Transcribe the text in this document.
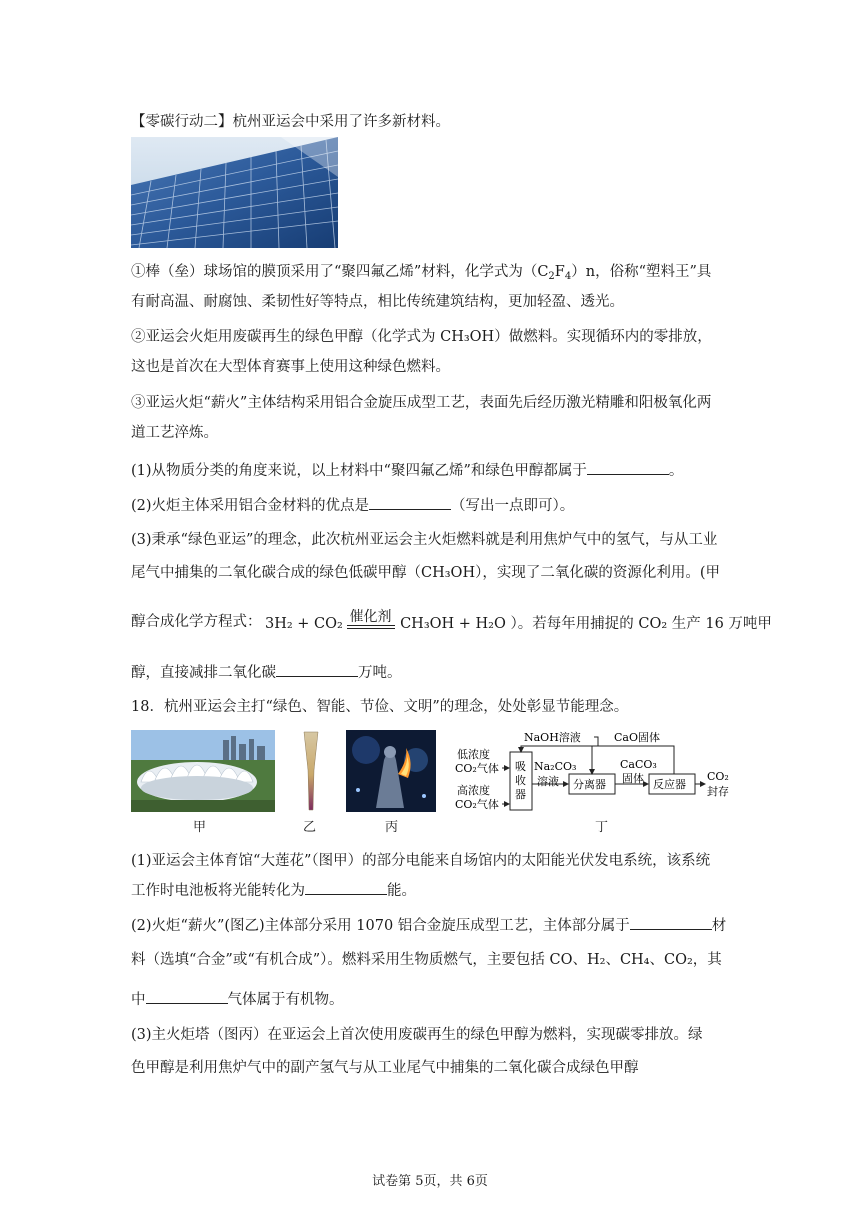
【零碳行动二】杭州亚运会中采用了许多新材料。
①棒（垒）球场馆的膜顶采用了“聚四氟乙烯”材料，化学式为$(C_2F_4)n$，俗称“塑料王”具
有耐高温、耐腐蚀、柔韧性好等特点，相比传统建筑结构，更加轻盈、透光。
②亚运会火炬用废碳再生的绿色甲醇（化学式为 CH₃OH）做燃料。实现循环内的零排放，
这也是首次在大型体育赛事上使用这种绿色燃料。
③亚运火炬“薪火”主体结构采用铝合金旋压成型工艺，表面先后经历激光精雕和阳极氧化两
道工艺淬炼。
(1)从物质分类的角度来说，以上材料中“聚四氟乙烯”和绿色甲醇都属于	。
(2)火炬主体采用铝合金材料的优点是	（写出一点即可）。
(3)秉承“绿色亚运”的理念，此次杭州亚运会主火炬燃料就是利用焦炉气中的氢气，与从工业
尾气中捕集的二氧化碳合成的绿色低碳甲醇（CH₃OH），实现了二氧化碳的资源化利用。(甲
醇合成化学方程式： 3H₂ + CO₂ 催化剂 CH₃OH + H₂O ）。若每年用捕捉的 CO₂ 生产 16 万吨甲
醇，直接减排二氧化碳	万吨。
18．杭州亚运会主打“绿色、智能、节俭、文明”的理念，处处彰显节能理念。
甲	乙	丙
低浓度
CO₂气体
高浓度
CO₂气体
吸
收
器
NaOH溶液
Na₂CO₃
溶液 分离器
CaO固体
CaCO₃
固体 反应器
CO₂
封存
丁
(1)亚运会主体育馆“大莲花”（图甲）的部分电能来自场馆内的太阳能光伏发电系统，该系统
工作时电池板将光能转化为	能。
(2)火炬“薪火”(图乙)主体部分采用 1070 铝合金旋压成型工艺，主体部分属于	材
料（选填“合金”或“有机合成”）。燃料采用生物质燃气，主要包括 CO、H₂、CH₄、CO₂，其
中	气体属于有机物。
(3)主火炬塔（图丙）在亚运会上首次使用废碳再生的绿色甲醇为燃料，实现碳零排放。绿
色甲醇是利用焦炉气中的副产氢气与从工业尾气中捕集的二氧化碳合成绿色甲醇
试卷第 5页，共 6页
